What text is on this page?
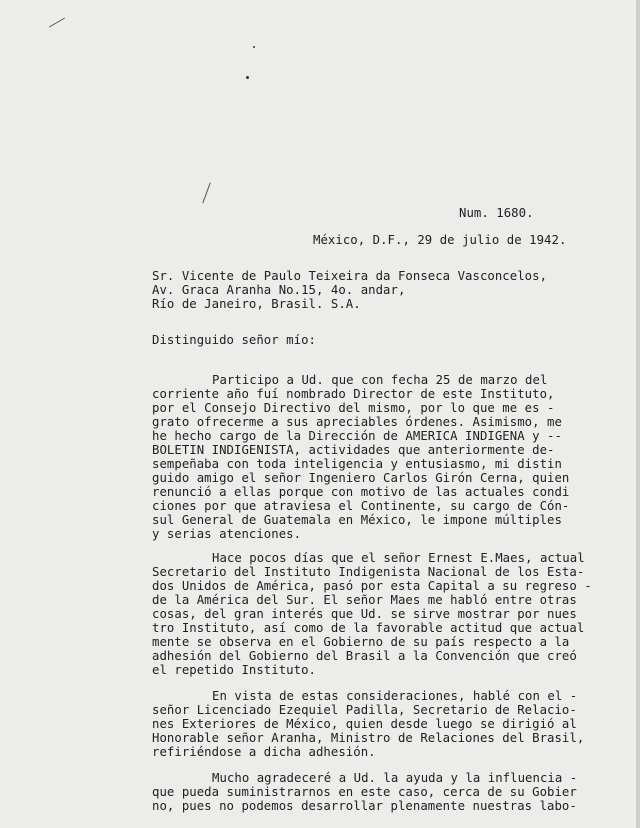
Num. 1680.
México, D.F., 29 de julio de 1942.
Sr. Vicente de Paulo Teixeira da Fonseca Vasconcelos,
Av. Graca Aranha No.15, 4o. andar,
Río de Janeiro, Brasil. S.A.
Distinguido señor mío:
Participo a Ud. que con fecha 25 de marzo del
corriente año fuí nombrado Director de este Instituto,
por el Consejo Directivo del mismo, por lo que me es -
grato ofrecerme a sus apreciables órdenes. Asimismo, me
he hecho cargo de la Dirección de AMERICA INDIGENA y --
BOLETIN INDIGENISTA, actividades que anteriormente de-
sempeñaba con toda inteligencia y entusiasmo, mi distin
guido amigo el señor Ingeniero Carlos Girón Cerna, quien
renunció a ellas porque con motivo de las actuales condi
ciones por que atraviesa el Continente, su cargo de Cón-
sul General de Guatemala en México, le impone múltiples
y serias atenciones.
Hace pocos días que el señor Ernest E.Maes, actual
Secretario del Instituto Indigenista Nacional de los Esta-
dos Unidos de América, pasó por esta Capital a su regreso -
de la América del Sur. El señor Maes me habló entre otras
cosas, del gran interés que Ud. se sirve mostrar por nues
tro Instituto, así como de la favorable actitud que actual
mente se observa en el Gobierno de su país respecto a la
adhesión del Gobierno del Brasil a la Convención que creó
el repetido Instituto.
En vista de estas consideraciones, hablé con el -
señor Licenciado Ezequiel Padilla, Secretario de Relacio-
nes Exteriores de México, quien desde luego se dirigió al
Honorable señor Aranha, Ministro de Relaciones del Brasil,
refiriéndose a dicha adhesión.
Mucho agradeceré a Ud. la ayuda y la influencia -
que pueda suministrarnos en este caso, cerca de su Gobier
no, pues no podemos desarrollar plenamente nuestras labo-
